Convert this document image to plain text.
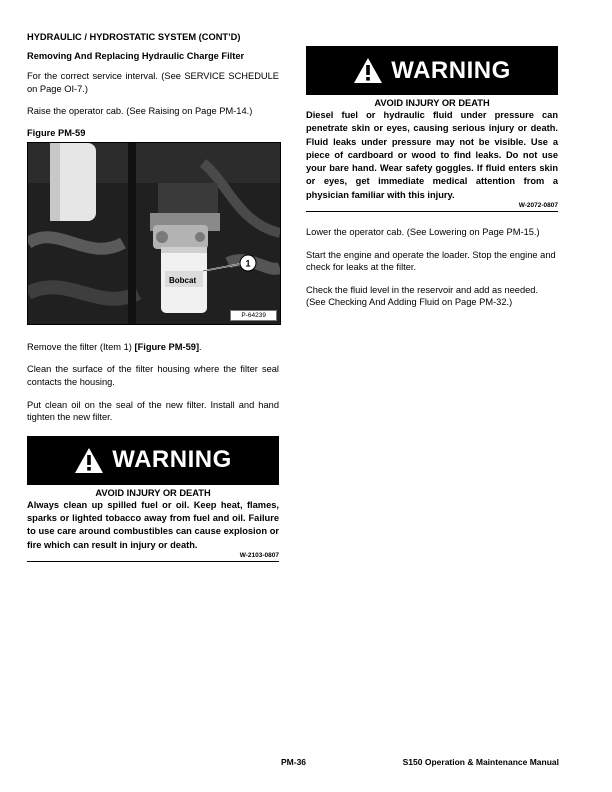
HYDRAULIC / HYDROSTATIC SYSTEM (CONT’D)

Removing And Replacing Hydraulic Charge Filter

For the correct service interval. (See SERVICE SCHEDULE on Page OI-7.)

Raise the operator cab. (See Raising on Page PM-14.)

Figure PM-59

Bobcat
1
P-64239

Remove the filter (Item 1) [Figure PM-59].

Clean the surface of the filter housing where the filter seal contacts the housing.

Put clean oil on the seal of the new filter. Install and hand tighten the new filter.

WARNING
AVOID INJURY OR DEATH
Always clean up spilled fuel or oil. Keep heat, flames, sparks or lighted tobacco away from fuel and oil. Failure to use care around combustibles can cause explosion or fire which can result in injury or death.
W-2103-0807
WARNING
AVOID INJURY OR DEATH
Diesel fuel or hydraulic fluid under pressure can penetrate skin or eyes, causing serious injury or death. Fluid leaks under pressure may not be visible. Use a piece of cardboard or wood to find leaks. Do not use your bare hand. Wear safety goggles. If fluid enters skin or eyes, get immediate medical attention from a physician familiar with this injury.
W-2072-0807

Lower the operator cab. (See Lowering on Page PM-15.)

Start the engine and operate the loader. Stop the engine and check for leaks at the filter.

Check the fluid level in the reservoir and add as needed. (See Checking And Adding Fluid on Page PM-32.)

PM-36	S150 Operation & Maintenance Manual
